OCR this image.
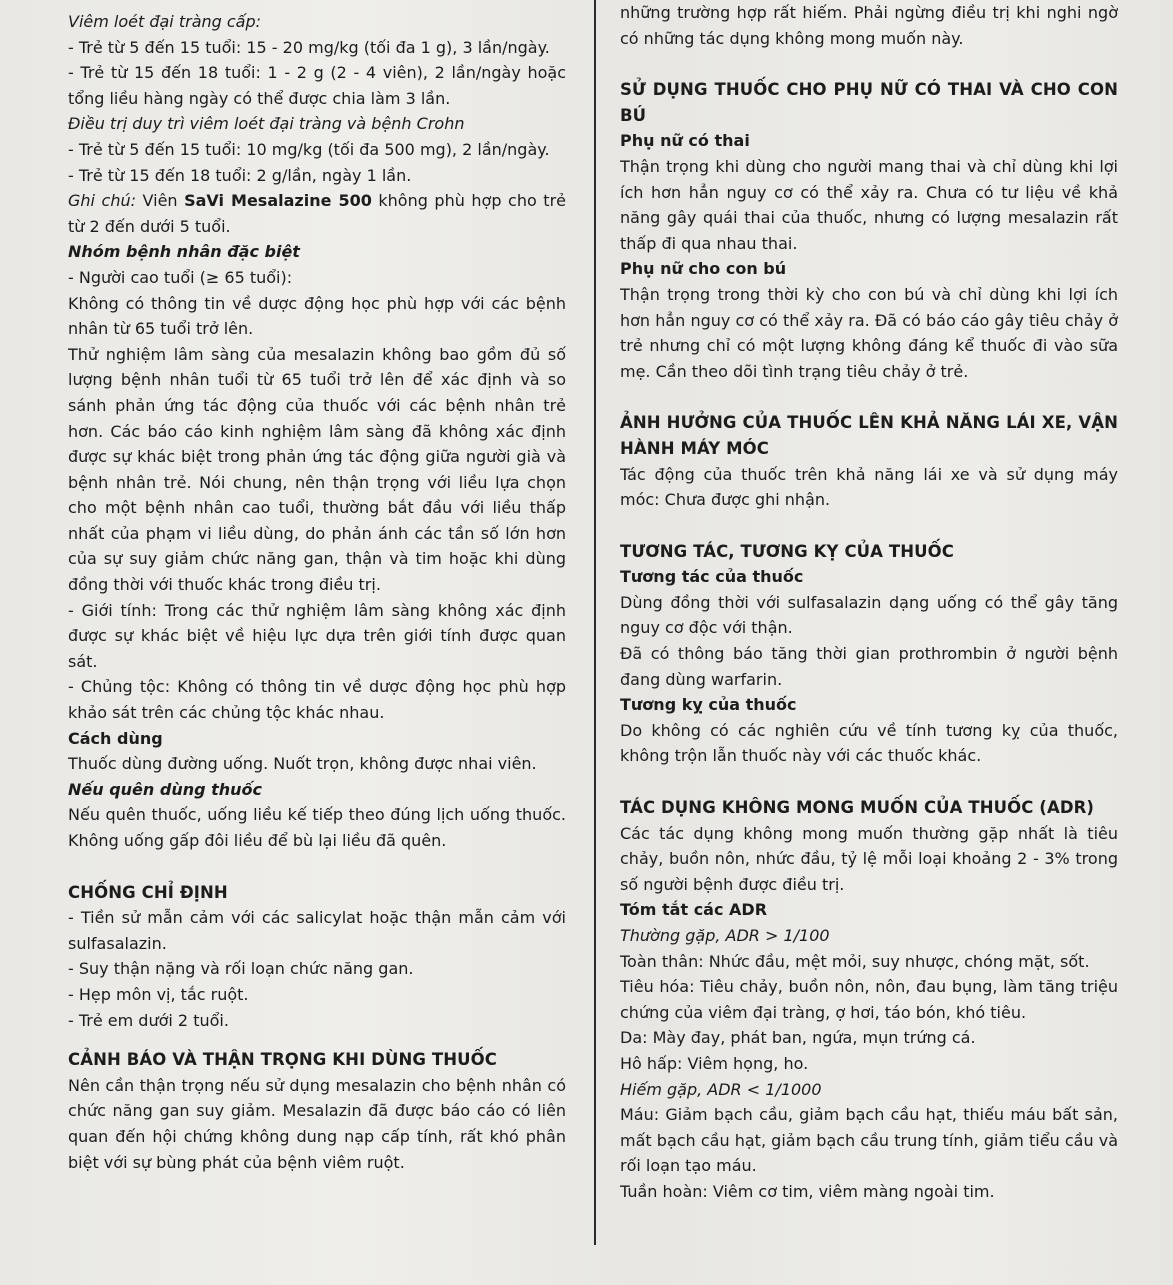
Viêm loét đại tràng cấp:

- Trẻ từ 5 đến 15 tuổi: 15 - 20 mg/kg (tối đa 1 g), 3 lần/ngày.

- Trẻ từ 15 đến 18 tuổi: 1 - 2 g (2 - 4 viên), 2 lần/ngày hoặc tổng liều hàng ngày có thể được chia làm 3 lần.

Điều trị duy trì viêm loét đại tràng và bệnh Crohn

- Trẻ từ 5 đến 15 tuổi: 10 mg/kg (tối đa 500 mg), 2 lần/ngày.

- Trẻ từ 15 đến 18 tuổi: 2 g/lần, ngày 1 lần.

Ghi chú: Viên SaVi Mesalazine 500 không phù hợp cho trẻ từ 2 đến dưới 5 tuổi.

Nhóm bệnh nhân đặc biệt

- Người cao tuổi (≥ 65 tuổi):

Không có thông tin về dược động học phù hợp với các bệnh nhân từ 65 tuổi trở lên.

Thử nghiệm lâm sàng của mesalazin không bao gồm đủ số lượng bệnh nhân tuổi từ 65 tuổi trở lên để xác định và so sánh phản ứng tác động của thuốc với các bệnh nhân trẻ hơn. Các báo cáo kinh nghiệm lâm sàng đã không xác định được sự khác biệt trong phản ứng tác động giữa người già và bệnh nhân trẻ. Nói chung, nên thận trọng với liều lựa chọn cho một bệnh nhân cao tuổi, thường bắt đầu với liều thấp nhất của phạm vi liều dùng, do phản ánh các tần số lớn hơn của sự suy giảm chức năng gan, thận và tim hoặc khi dùng đồng thời với thuốc khác trong điều trị.

- Giới tính: Trong các thử nghiệm lâm sàng không xác định được sự khác biệt về hiệu lực dựa trên giới tính được quan sát.

- Chủng tộc: Không có thông tin về dược động học phù hợp khảo sát trên các chủng tộc khác nhau.

Cách dùng

Thuốc dùng đường uống. Nuốt trọn, không được nhai viên.

Nếu quên dùng thuốc

Nếu quên thuốc, uống liều kế tiếp theo đúng lịch uống thuốc. Không uống gấp đôi liều để bù lại liều đã quên.

CHỐNG CHỈ ĐỊNH

- Tiền sử mẫn cảm với các salicylat hoặc thận mẫn cảm với sulfasalazin.

- Suy thận nặng và rối loạn chức năng gan.

- Hẹp môn vị, tắc ruột.

- Trẻ em dưới 2 tuổi.

CẢNH BÁO VÀ THẬN TRỌNG KHI DÙNG THUỐC

Nên cần thận trọng nếu sử dụng mesalazin cho bệnh nhân có chức năng gan suy giảm. Mesalazin đã được báo cáo có liên quan đến hội chứng không dung nạp cấp tính, rất khó phân biệt với sự bùng phát của bệnh viêm ruột.

những trường hợp rất hiếm. Phải ngừng điều trị khi nghi ngờ có những tác dụng không mong muốn này.

SỬ DỤNG THUỐC CHO PHỤ NỮ CÓ THAI VÀ CHO CON BÚ

Phụ nữ có thai

Thận trọng khi dùng cho người mang thai và chỉ dùng khi lợi ích hơn hẳn nguy cơ có thể xảy ra. Chưa có tư liệu về khả năng gây quái thai của thuốc, nhưng có lượng mesalazin rất thấp đi qua nhau thai.

Phụ nữ cho con bú

Thận trọng trong thời kỳ cho con bú và chỉ dùng khi lợi ích hơn hẳn nguy cơ có thể xảy ra. Đã có báo cáo gây tiêu chảy ở trẻ nhưng chỉ có một lượng không đáng kể thuốc đi vào sữa mẹ. Cần theo dõi tình trạng tiêu chảy ở trẻ.

ẢNH HƯỞNG CỦA THUỐC LÊN KHẢ NĂNG LÁI XE, VẬN HÀNH MÁY MÓC

Tác động của thuốc trên khả năng lái xe và sử dụng máy móc: Chưa được ghi nhận.

TƯƠNG TÁC, TƯƠNG KỴ CỦA THUỐC

Tương tác của thuốc

Dùng đồng thời với sulfasalazin dạng uống có thể gây tăng nguy cơ độc với thận.

Đã có thông báo tăng thời gian prothrombin ở người bệnh đang dùng warfarin.

Tương kỵ của thuốc

Do không có các nghiên cứu về tính tương kỵ của thuốc, không trộn lẫn thuốc này với các thuốc khác.

TÁC DỤNG KHÔNG MONG MUỐN CỦA THUỐC (ADR)

Các tác dụng không mong muốn thường gặp nhất là tiêu chảy, buồn nôn, nhức đầu, tỷ lệ mỗi loại khoảng 2 - 3% trong số người bệnh được điều trị.

Tóm tắt các ADR

Thường gặp, ADR > 1/100

Toàn thân: Nhức đầu, mệt mỏi, suy nhược, chóng mặt, sốt.

Tiêu hóa: Tiêu chảy, buồn nôn, nôn, đau bụng, làm tăng triệu chứng của viêm đại tràng, ợ hơi, táo bón, khó tiêu.

Da: Mày đay, phát ban, ngứa, mụn trứng cá.

Hô hấp: Viêm họng, ho.

Hiếm gặp, ADR < 1/1000

Máu: Giảm bạch cầu, giảm bạch cầu hạt, thiếu máu bất sản, mất bạch cầu hạt, giảm bạch cầu trung tính, giảm tiểu cầu và rối loạn tạo máu.

Tuần hoàn: Viêm cơ tim, viêm màng ngoài tim.
